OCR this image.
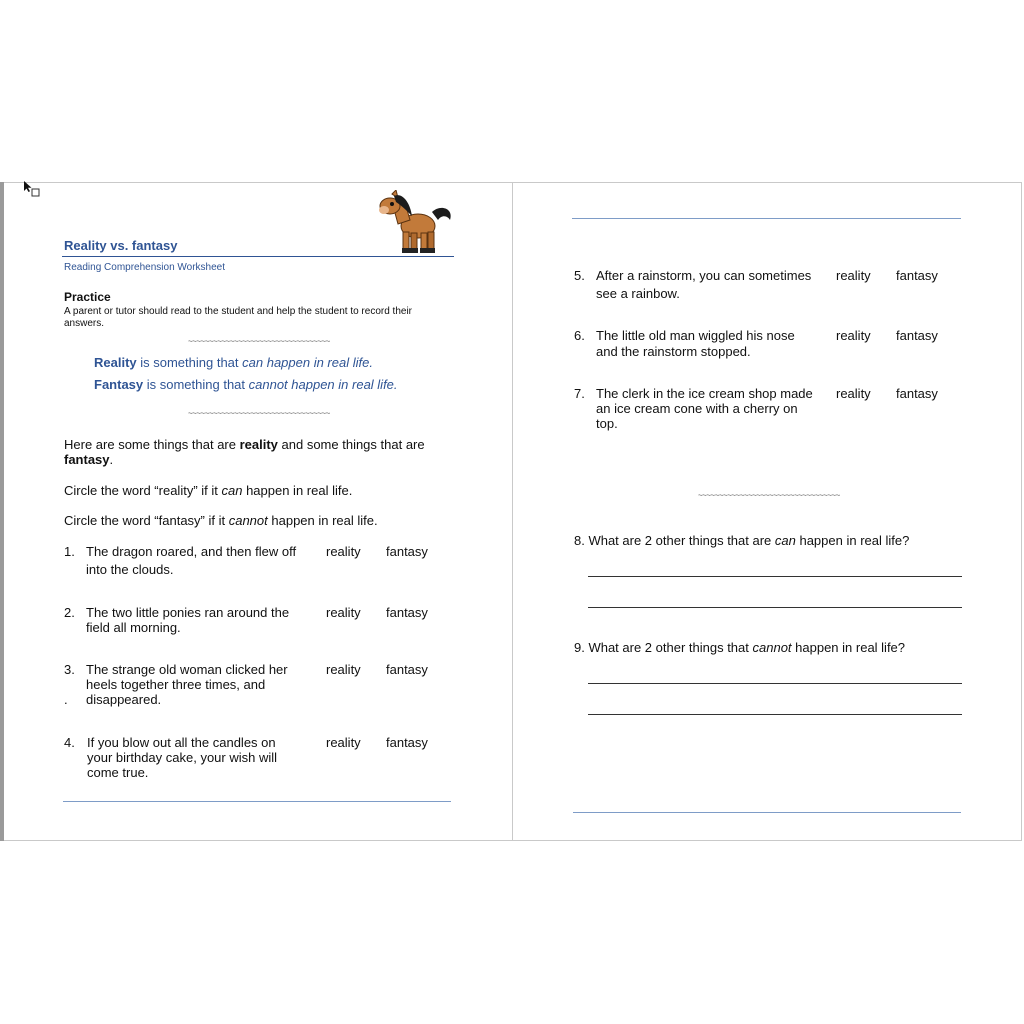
Reality vs. fantasy
Reading Comprehension Worksheet
Practice
A parent or tutor should read to the student and help the student to record their answers.
~~~~~~~~~~~~~~~~~~~~~~~~~~~~~~~~~~
Reality is something that can happen in real life.
Fantasy is something that cannot happen in real life.
~~~~~~~~~~~~~~~~~~~~~~~~~~~~~~~~~~
Here are some things that are reality and some things that are fantasy.
Circle the word “reality” if it can happen in real life.
Circle the word “fantasy” if it cannot happen in real life.
1. The dragon roared, and then flew off
into the clouds.
reality fantasy
2. The two little ponies ran around the
field all morning.
reality fantasy
3. The strange old woman clicked her
heels together three times, and
. disappeared.
reality fantasy
4. If you blow out all the candles on
your birthday cake, your wish will
come true.
reality fantasy
5. After a rainstorm, you can sometimes
see a rainbow.
reality fantasy
6. The little old man wiggled his nose
and the rainstorm stopped.
reality fantasy
7. The clerk in the ice cream shop made
an ice cream cone with a cherry on
top.
reality fantasy
~~~~~~~~~~~~~~~~~~~~~~~~~~~~~~~~~~
8. What are 2 other things that are can happen in real life?
9. What are 2 other things that cannot happen in real life?
